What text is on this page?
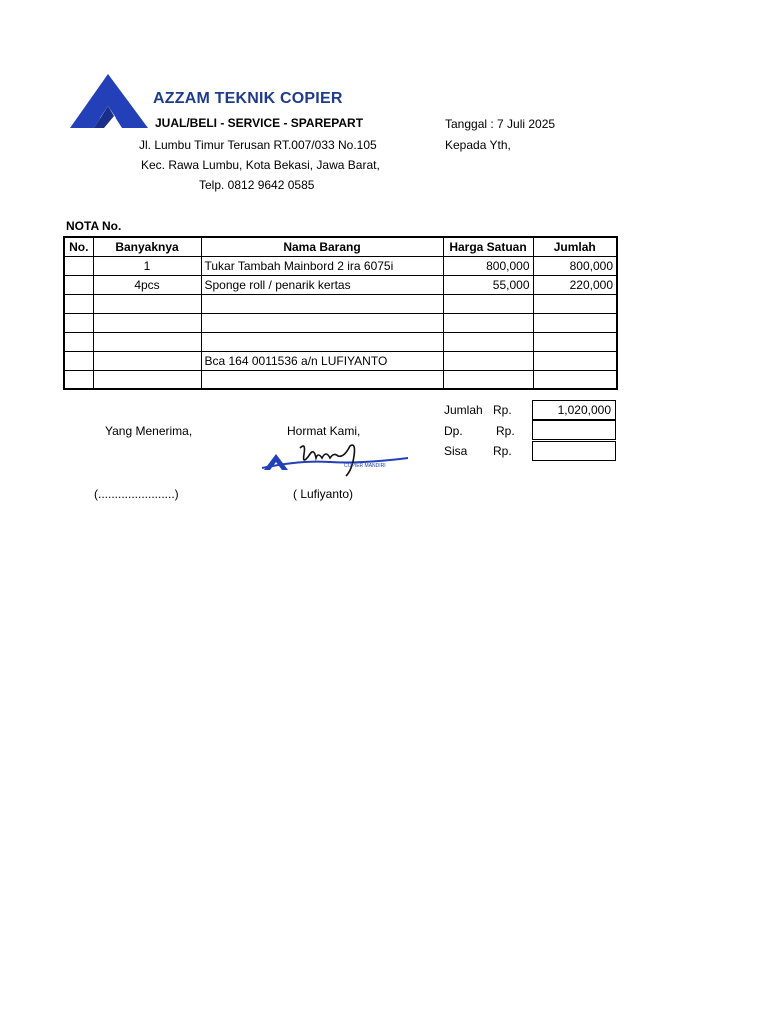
AZZAM TEKNIK COPIER
JUAL/BELI - SERVICE - SPAREPART
Jl. Lumbu Timur Terusan RT.007/033 No.105
Kec. Rawa Lumbu, Kota Bekasi, Jawa Barat,
Telp. 0812 9642 0585
Tanggal : 7 Juli 2025
Kepada Yth,
NOTA No.
No.	Banyaknya	Nama Barang	Harga Satuan	Jumlah
	1	Tukar Tambah Mainbord 2 ira 6075i	800,000	800,000
	4pcs	Sponge roll / penarik kertas	55,000	220,000

		Bca 164 0011536 a/n LUFIYANTO		

Jumlah Rp.	1,020,000
Dp.	Rp.
Sisa Rp.
Yang Menerima,	Hormat Kami,
COPIER MANDIRI
(.......................)	( Lufiyanto)
